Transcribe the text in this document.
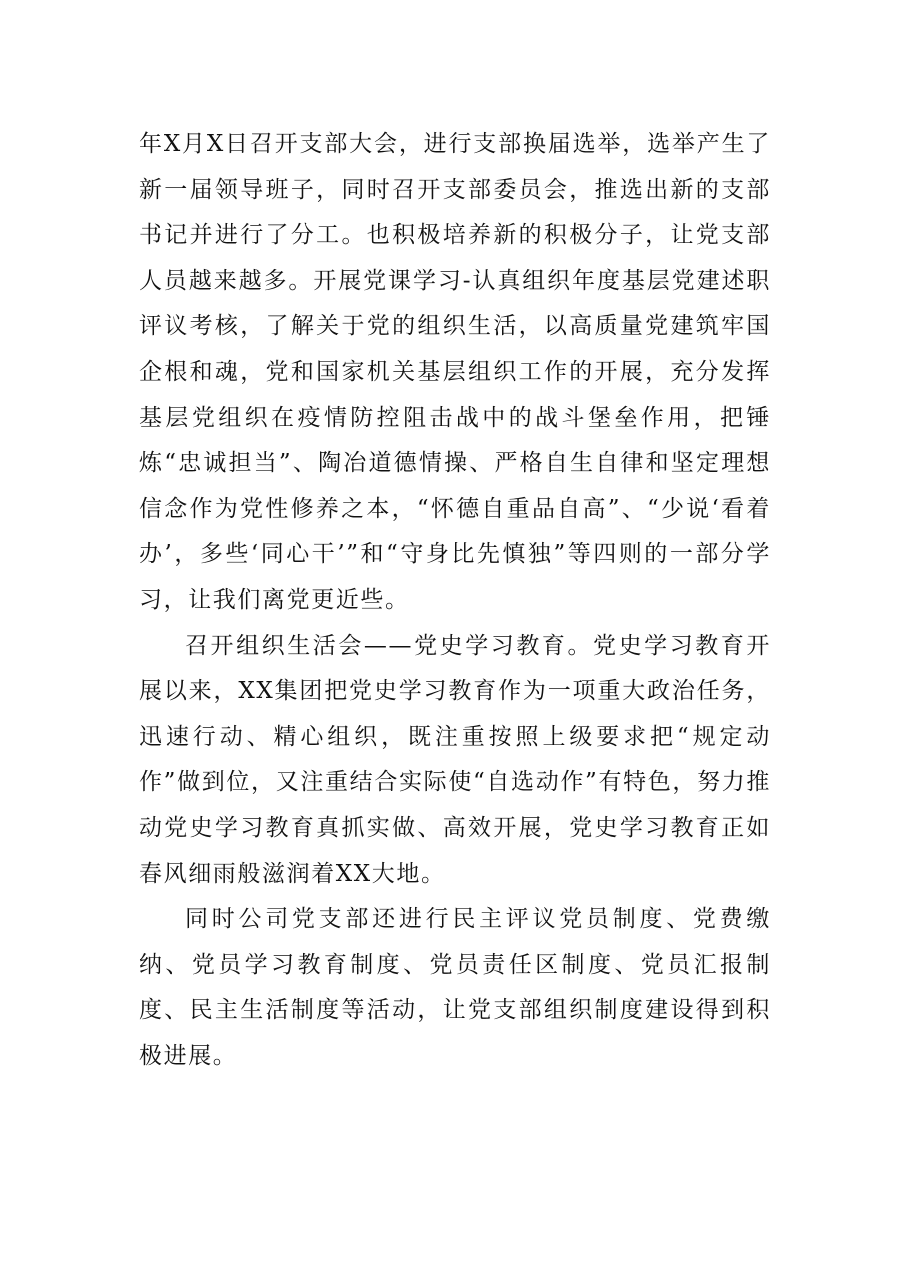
年X月X日召开支部大会，进行支部换届选举，选举产生了新一届领导班子，同时召开支部委员会，推选出新的支部书记并进行了分工。也积极培养新的积极分子，让党支部人员越来越多。开展党课学习-认真组织年度基层党建述职评议考核，了解关于党的组织生活，以高质量党建筑牢国企根和魂，党和国家机关基层组织工作的开展，充分发挥基层党组织在疫情防控阻击战中的战斗堡垒作用，把锤炼“忠诚担当”、陶冶道德情操、严格自生自律和坚定理想信念作为党性修养之本，“怀德自重品自高”、“少说‘看着办’，多些‘同心干’”和“守身比先慎独”等四则的一部分学习，让我们离党更近些。

召开组织生活会——党史学习教育。党史学习教育开展以来，XX集团把党史学习教育作为一项重大政治任务，迅速行动、精心组织，既注重按照上级要求把“规定动作”做到位，又注重结合实际使“自选动作”有特色，努力推动党史学习教育真抓实做、高效开展，党史学习教育正如春风细雨般滋润着XX大地。

同时公司党支部还进行民主评议党员制度、党费缴纳、党员学习教育制度、党员责任区制度、党员汇报制度、民主生活制度等活动，让党支部组织制度建设得到积极进展。
